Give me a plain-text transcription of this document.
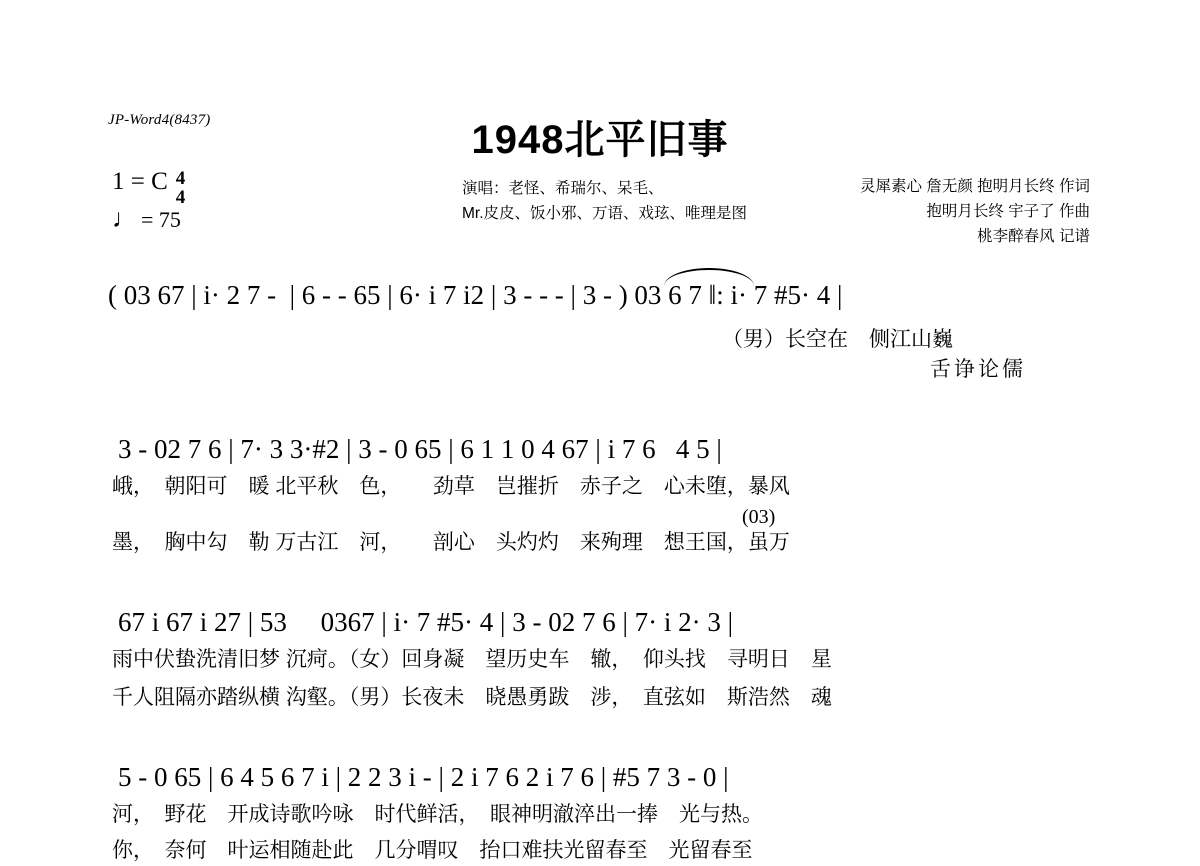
JP-Word4(8437)	1948北平旧事
1 = C 4
4
♩ = 75
演唱：老怪、希瑞尔、呆毛、
Mr.皮皮、饭小邪、万语、戏玹、唯理是图
灵犀素心 詹无颜 抱明月长终 作词
抱明月长终 宇子了 作曲
桃李醉春风 记谱
( 03 67 | i· 2 7 -  | 6 - - 65 | 6· i 7 i2 | 3 - - - | 3 - ) 03 6 7 ‖: i· 7 #5· 4 |
（男）长空在　侧江山巍
舌诤论儒
3 - 02 7 6 | 7· 3 3·#2 | 3 - 0 65 | 6 1 1 0 4 67 | i 7 6   4 5 |
峨，　朝阳可　暖 北平秋　色，　　劲草　岂摧折　赤子之　心未堕，暴风
(03)
墨，　胸中勾　勒 万古江　河，　　剖心　头灼灼　来殉理　想王国，虽万
67 i 67 i 27 | 53     0367 | i· 7 #5· 4 | 3 - 02 7 6 | 7· i 2· 3 |
雨中伏蛰洗清旧梦 沉疴。（女）回身凝　望历史车　辙，　仰头找　寻明日　星
千人阻隔亦踏纵横 沟壑。（男）长夜未　晓愚勇跋　涉，　直弦如　斯浩然　魂
5 - 0 65 | 6 4 5 6 7 i | 2 2 3 i - | 2 i 7 6 2 i 7 6 | #5 7 3 - 0 |
河，　野花　开成诗歌吟咏　时代鲜活，　眼神明澈淬出一捧　光与热。
你，　奈何　叶运相随赴此　几分喟叹　抬口难扶光留春至　光留春至
